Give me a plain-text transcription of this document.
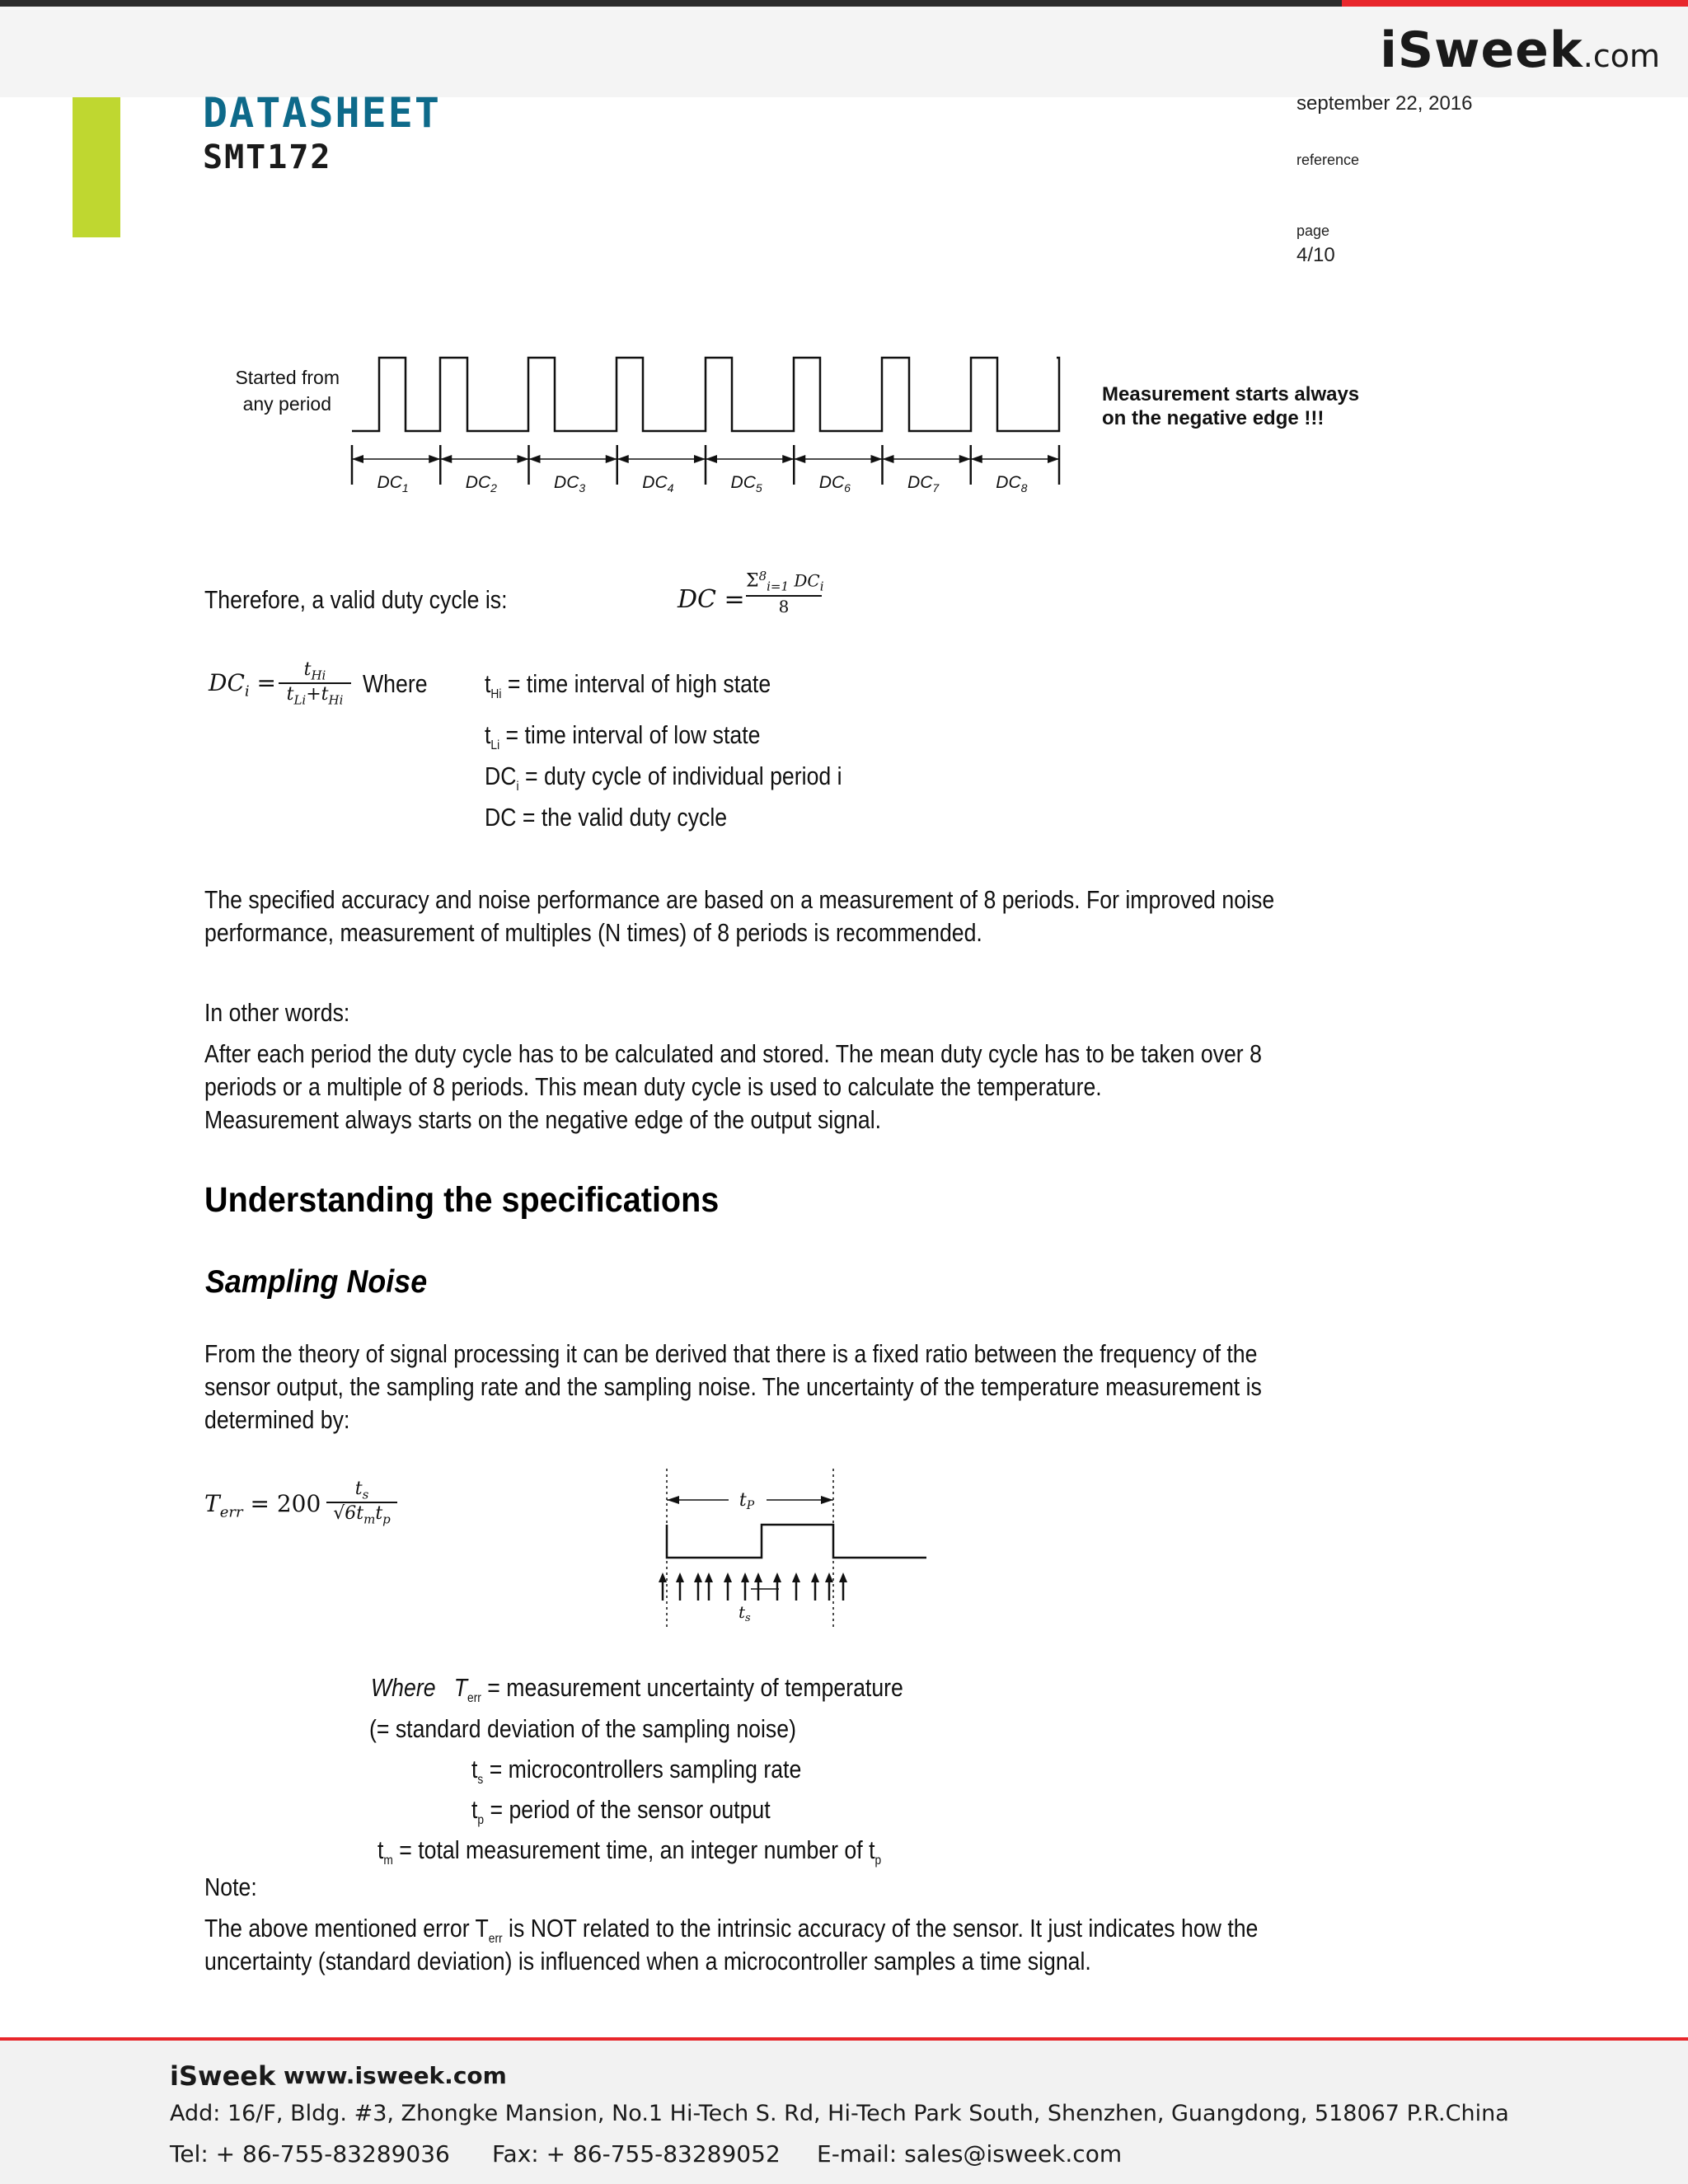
iSweek.com
DATASHEET
SMT172
september 22, 2016
reference
page
4/10
$DC_1$	$DC_2$	$DC_3$	$DC_4$	$DC_5$	$DC_6$	$DC_7$	$DC_8$
Started from
any period	Measurement starts always
on the negative edge !!!
Therefore, a valid duty cycle is:	DC =
$\Sigma^8_{i=1}$ $DC_i$
8
$DC_i$ =	$t_{Hi}$
$t_{Li}+t_{Hi}$
Where $t_{Hi}$ = time interval of high state
$t_{Li}$ = time interval of low state
$DC_i$ = duty cycle of individual period i
DC = the valid duty cycle
The specified accuracy and noise performance are based on a measurement of 8 periods. For improved noise
performance, measurement of multiples (N times) of 8 periods is recommended.
In other words:
After each period the duty cycle has to be calculated and stored. The mean duty cycle has to be taken over 8
periods or a multiple of 8 periods. This mean duty cycle is used to calculate the temperature.
Measurement always starts on the negative edge of the output signal.
Understanding the specifications
Sampling Noise
From the theory of signal processing it can be derived that there is a fixed ratio between the frequency of the
sensor output, the sampling rate and the sampling noise. The uncertainty of the temperature measurement is
determined by:
$T_{err} = 200$
$t_s$
$√6t_mt_p$
tP
$t_s$
Where $T_{err}$ = measurement uncertainty of temperature
(= standard deviation of the sampling noise)
$t_s$ = microcontrollers sampling rate
$t_p$ = period of the sensor output
$t_m$ = total measurement time, an integer number of $t_p$
Note:
The above mentioned error $T_{err}$ is NOT related to the intrinsic accuracy of the sensor. It just indicates how the
uncertainty (standard deviation) is influenced when a microcontroller samples a time signal.
iSweek www.isweek.com
Add: 16/F, Bldg. #3, Zhongke Mansion, No.1 Hi-Tech S. Rd, Hi-Tech Park South, Shenzhen, Guangdong, 518067 P.R.China
Tel: + 86-755-83289036 Fax: + 86-755-83289052 E-mail: sales@isweek.com
